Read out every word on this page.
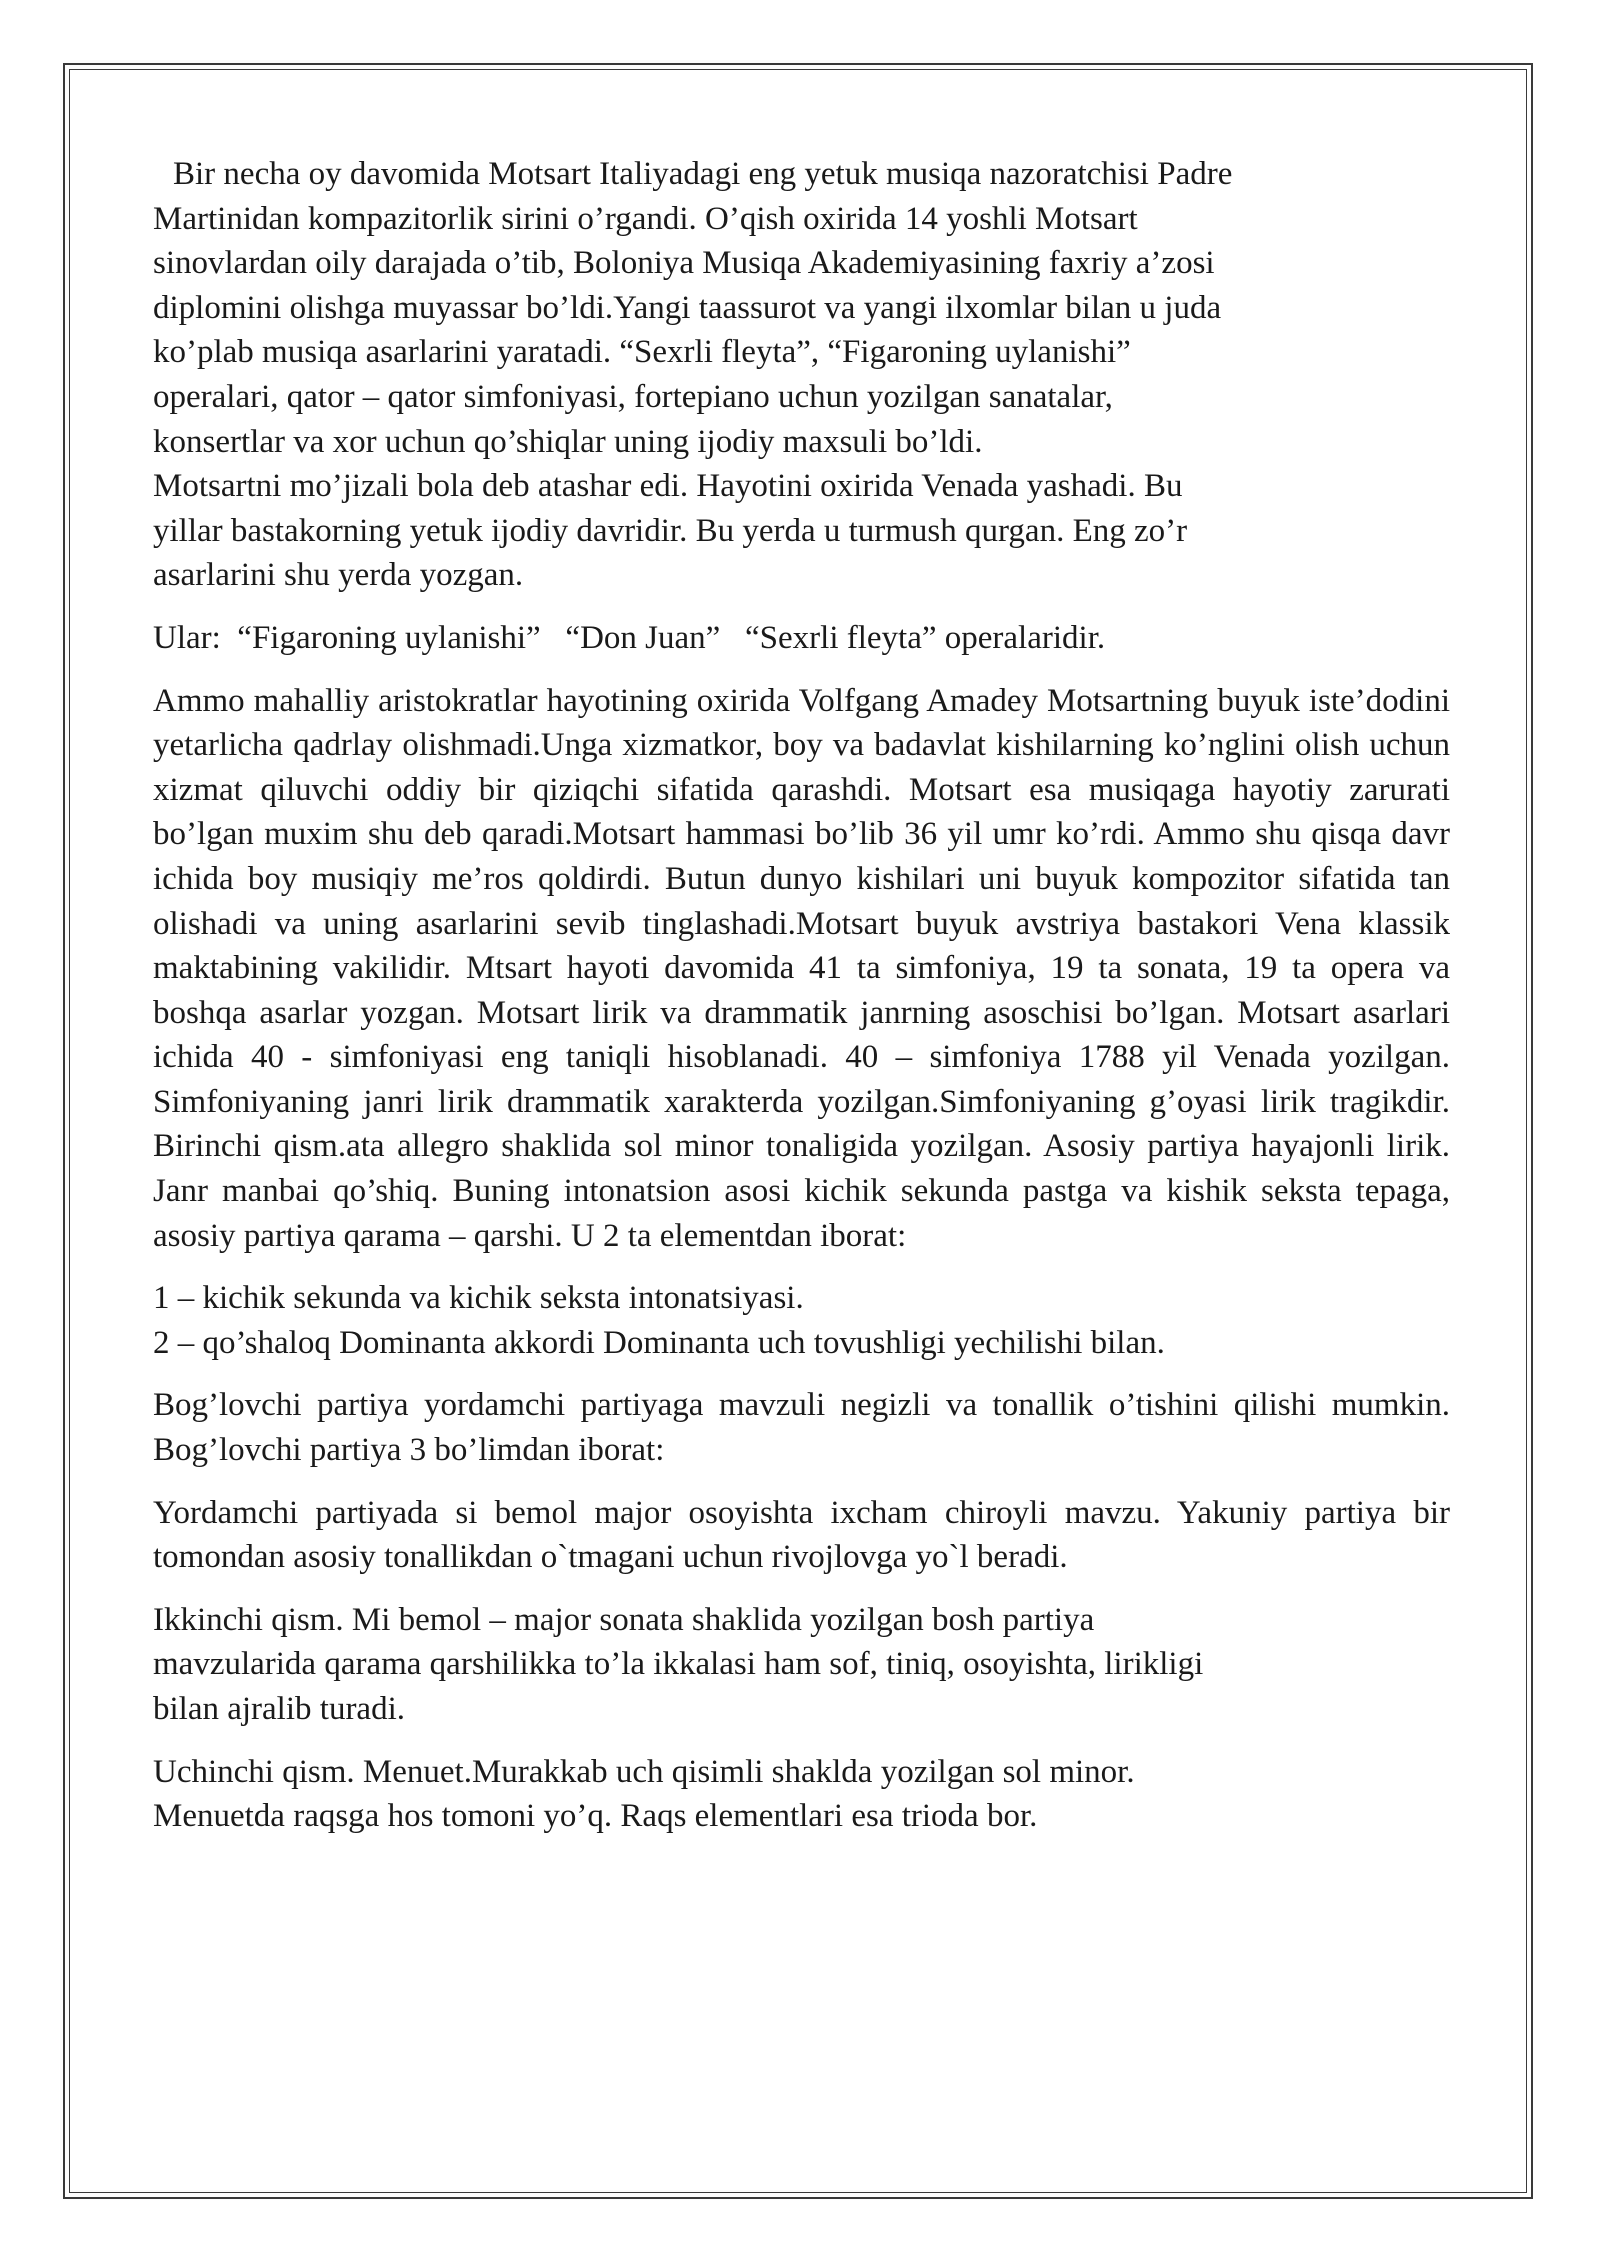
Bir necha oy davomida Motsart Italiyadagi eng yetuk musiqa nazoratchisi Padre
Martinidan kompazitorlik sirini o’rgandi. O’qish oxirida 14 yoshli Motsart
sinovlardan oily darajada o’tib, Boloniya Musiqa Akademiyasining faxriy a’zosi
diplomini olishga muyassar bo’ldi.Yangi taassurot va yangi ilxomlar bilan u juda
ko’plab musiqa asarlarini yaratadi. “Sexrli fleyta”, “Figaroning uylanishi”
operalari, qator – qator simfoniyasi, fortepiano uchun yozilgan sanatalar,
konsertlar va xor uchun qo’shiqlar uning ijodiy maxsuli bo’ldi.
Motsartni mo’jizali bola deb atashar edi. Hayotini oxirida Venada yashadi. Bu
yillar bastakorning yetuk ijodiy davridir. Bu yerda u turmush qurgan. Eng zo’r
asarlarini shu yerda yozgan.

Ular:  “Figaroning uylanishi”   “Don Juan”   “Sexrli fleyta” operalaridir.

Ammo mahalliy aristokratlar hayotining oxirida Volfgang Amadey Motsartning buyuk iste’dodini yetarlicha qadrlay olishmadi.Unga xizmatkor, boy va badavlat kishilarning ko’nglini olish uchun xizmat qiluvchi oddiy bir qiziqchi sifatida qarashdi. Motsart esa musiqaga hayotiy zarurati bo’lgan muxim shu deb qaradi.Motsart hammasi bo’lib 36 yil umr ko’rdi. Ammo shu qisqa davr ichida boy musiqiy me’ros qoldirdi. Butun dunyo kishilari uni buyuk kompozitor sifatida tan olishadi va uning asarlarini sevib tinglashadi.Motsart buyuk avstriya bastakori Vena klassik maktabining vakilidir. Mtsart hayoti davomida 41 ta simfoniya, 19 ta sonata, 19 ta opera va boshqa asarlar yozgan. Motsart lirik va drammatik janrning asoschisi bo’lgan. Motsart asarlari ichida 40 - simfoniyasi eng taniqli hisoblanadi. 40 – simfoniya 1788 yil Venada yozilgan. Simfoniyaning janri lirik drammatik xarakterda yozilgan.Simfoniyaning g’oyasi lirik tragikdir. Birinchi qism.ata allegro shaklida sol minor tonaligida yozilgan. Asosiy partiya hayajonli lirik. Janr manbai qo’shiq. Buning intonatsion asosi kichik sekunda pastga va kishik seksta tepaga, asosiy partiya qarama – qarshi. U 2 ta elementdan iborat:

1 – kichik sekunda va kichik seksta intonatsiyasi.
2 – qo’shaloq Dominanta akkordi Dominanta uch tovushligi yechilishi bilan.

Bog’lovchi partiya yordamchi partiyaga mavzuli negizli va tonallik o’tishini qilishi mumkin. Bog’lovchi partiya 3 bo’limdan iborat:

Yordamchi partiyada si bemol major osoyishta ixcham chiroyli mavzu. Yakuniy partiya bir tomondan asosiy tonallikdan o`tmagani uchun rivojlovga yo`l beradi.

Ikkinchi qism. Mi bemol – major sonata shaklida yozilgan bosh partiya
mavzularida qarama qarshilikka to’la ikkalasi ham sof, tiniq, osoyishta, lirikligi
bilan ajralib turadi.

Uchinchi qism. Menuet.Murakkab uch qisimli shaklda yozilgan sol minor.
Menuetda raqsga hos tomoni yo’q. Raqs elementlari esa trioda bor.
